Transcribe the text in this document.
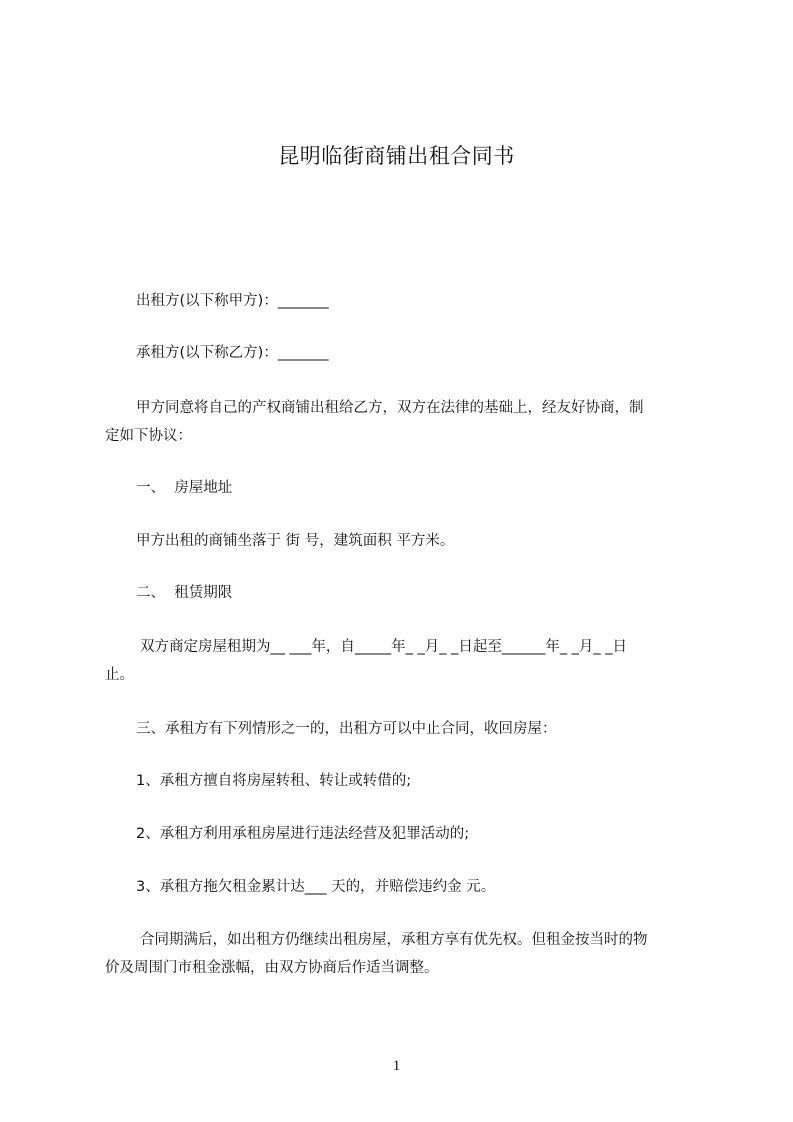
昆明临街商铺出租合同书

出租方(以下称甲方)：_______

承租方(以下称乙方)：_______

甲方同意将自己的产权商铺出租给乙方，双方在法律的基础上，经友好协商，制

定如下协议：

一、  房屋地址

甲方出租的商铺坐落于 街 号，建筑面积 平方米。

二、  租赁期限

双方商定房屋租期为__ ___年，自_____年_ _月_ _日起至______年_ _月_ _日

止。

三、承租方有下列情形之一的，出租方可以中止合同，收回房屋：

1、承租方擅自将房屋转租、转让或转借的;

2、承租方利用承租房屋进行违法经营及犯罪活动的;

3、承租方拖欠租金累计达___ 天的，并赔偿违约金 元。

合同期满后，如出租方仍继续出租房屋，承租方享有优先权。但租金按当时的物

价及周围门市租金涨幅，由双方协商后作适当调整。

1
